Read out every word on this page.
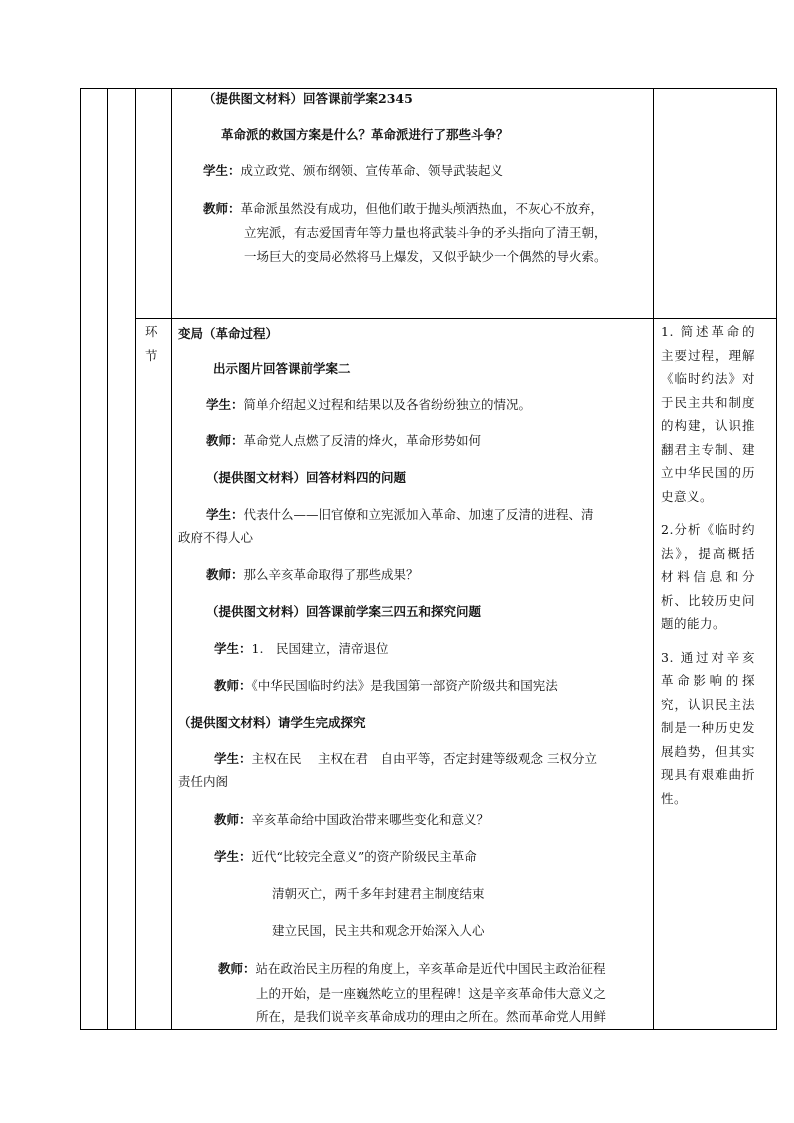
（提供图文材料）回答课前学案2345
革命派的救国方案是什么？革命派进行了那些斗争？
学生：成立政党、颁布纲领、宣传革命、领导武装起义
教师：革命派虽然没有成功，但他们敢于抛头颅洒热血，不灰心不放弃，
立宪派，有志爱国青年等力量也将武装斗争的矛头指向了清王朝，
一场巨大的变局必然将马上爆发，又似乎缺少一个偶然的导火索。
环
节
变局（革命过程）
出示图片回答课前学案二
学生：简单介绍起义过程和结果以及各省纷纷独立的情况。
教师：革命党人点燃了反清的烽火，革命形势如何
（提供图文材料）回答材料四的问题
学生：代表什么——旧官僚和立宪派加入革命、加速了反清的进程、清
政府不得人心
教师：那么辛亥革命取得了那些成果？
（提供图文材料）回答课前学案三四五和探究问题
学生：1.　民国建立，清帝退位
教师：《中华民国临时约法》是我国第一部资产阶级共和国宪法
（提供图文材料）请学生完成探究
学生：主权在民　 主权在君　自由平等，否定封建等级观念 三权分立
责任内阁
教师：辛亥革命给中国政治带来哪些变化和意义？
学生：近代“比较完全意义”的资产阶级民主革命
清朝灭亡，两千多年封建君主制度结束
建立民国，民主共和观念开始深入人心
教师：站在政治民主历程的角度上，辛亥革命是近代中国民主政治征程
上的开始，是一座巍然屹立的里程碑！这是辛亥革命伟大意义之
所在，是我们说辛亥革命成功的理由之所在。然而革命党人用鲜

1. 简述革命的主要过程，理解《临时约法》对于民主共和制度的构建，认识推翻君主专制、建立中华民国的历史意义。

2.分析《临时约法》，提高概括材料信息和分析、比较历史问题的能力。

3. 通过对辛亥革命影响的探究，认识民主法制是一种历史发展趋势，但其实现具有艰难曲折性。
